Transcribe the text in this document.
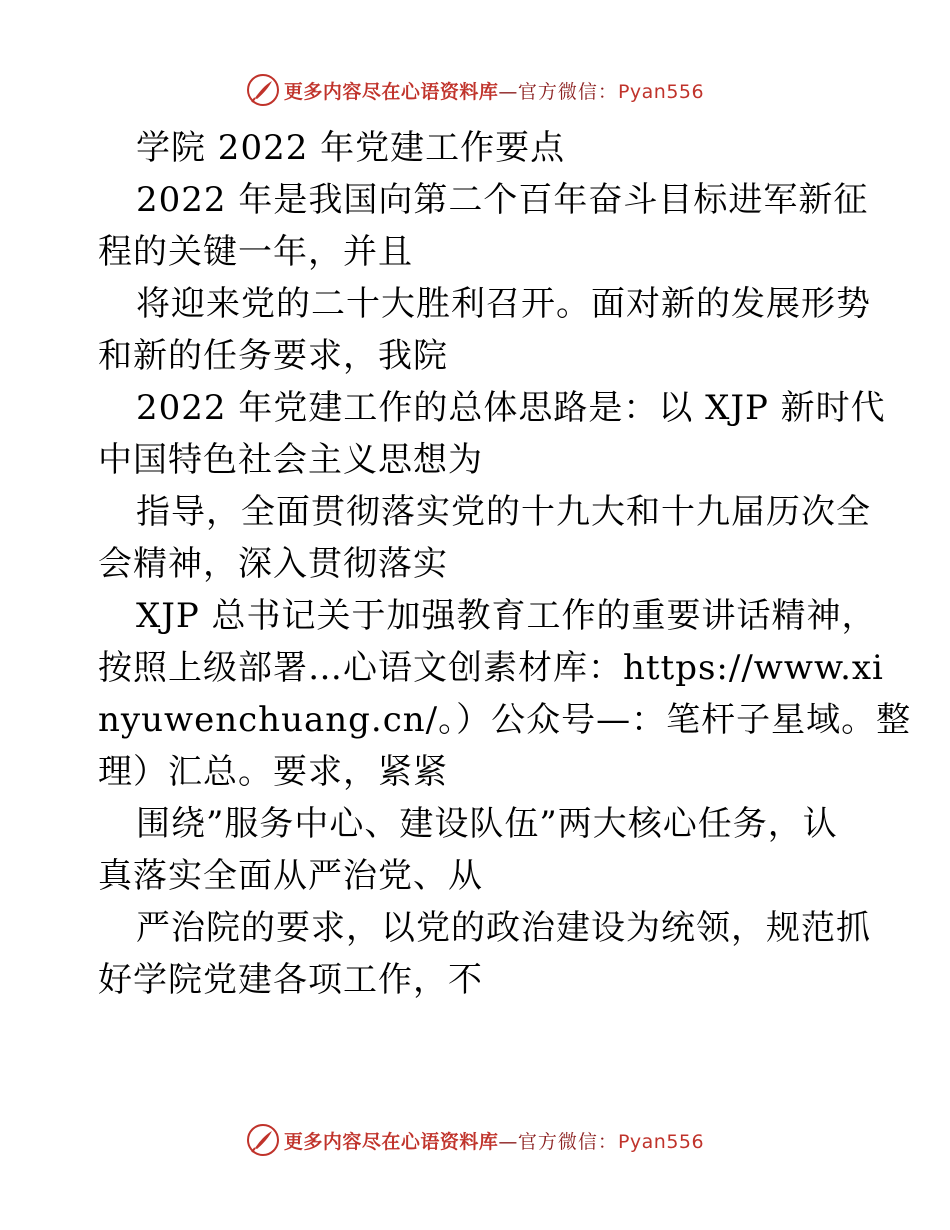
更多内容尽在心语资料库—官方微信：Pyan556
学院 2022 年党建工作要点
2022 年是我国向第二个百年奋斗目标进军新征
程的关键一年，并且
将迎来党的二十大胜利召开。面对新的发展形势
和新的任务要求，我院
2022 年党建工作的总体思路是：以 XJP 新时代
中国特色社会主义思想为
指导，全面贯彻落实党的十九大和十九届历次全
会精神，深入贯彻落实
XJP 总书记关于加强教育工作的重要讲话精神，
按照上级部署…心语文创素材库：https://www.xi
nyuwenchuang.cn/。）公众号—：笔杆子星域。整
理）汇总。要求，紧紧
围绕”服务中心、建设队伍”两大核心任务，认
真落实全面从严治党、从
严治院的要求，以党的政治建设为统领，规范抓
好学院党建各项工作，不
更多内容尽在心语资料库—官方微信：Pyan556
